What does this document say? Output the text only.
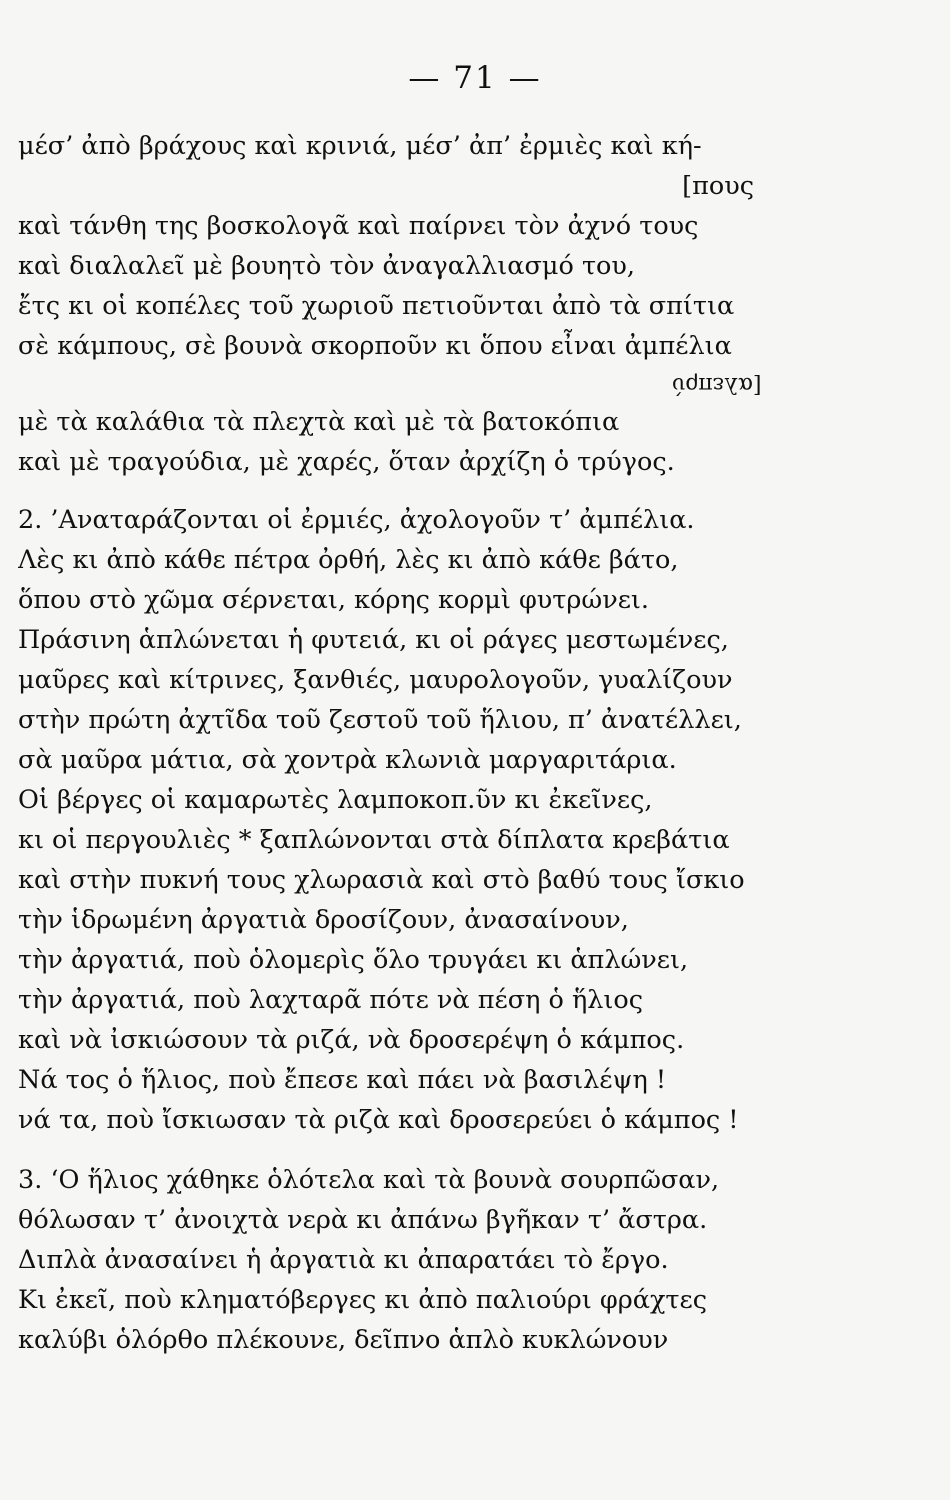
— 71 —
μέσ’ ἀπὸ βράχους καὶ κρινιά, μέσ’ ἀπ’ ἐρμιὲς καὶ κή-
[πους
καὶ τάνθη της βοσκολογᾶ καὶ παίρνει τὸν ἀχνό τους
καὶ διαλαλεῖ μὲ βουητὸ τὸν ἀναγαλλιασμό του,
ἔτς κι οἱ κοπέλες τοῦ χωριοῦ πετιοῦνται ἀπὸ τὰ σπίτια
σὲ κάμπους, σὲ βουνὰ σκορποῦν κι ὅπου εἶναι ἀμπέλια
[αλεπρύ
μὲ τὰ καλάθια τὰ πλεχτὰ καὶ μὲ τὰ βατοκόπια
καὶ μὲ τραγούδια, μὲ χαρές, ὅταν ἀρχίζη ὁ τρύγος.
2. ’Αναταράζονται οἱ ἐρμιές, ἀχολογοῦν τ’ ἀμπέλια.
Λὲς κι ἀπὸ κάθε πέτρα ὀρθή, λὲς κι ἀπὸ κάθε βάτο,
ὅπου στὸ χῶμα σέρνεται, κόρης κορμὶ φυτρώνει.
Πράσινη ἁπλώνεται ἡ φυτειά, κι οἱ ράγες μεστωμένες,
μαῦρες καὶ κίτρινες, ξανθιές, μαυρολογοῦν, γυαλίζουν
στὴν πρώτη ἀχτῖδα τοῦ ζεστοῦ τοῦ ἥλιου, π’ ἀνατέλλει,
σὰ μαῦρα μάτια, σὰ χοντρὰ κλωνιὰ μαργαριτάρια.
Οἱ βέργες οἱ καμαρωτὲς λαμποκοπ.ῦν κι ἐκεῖνες,
κι οἱ περγουλιὲς * ξαπλώνονται στὰ δίπλατα κρεβάτια
καὶ στὴν πυκνή τους χλωρασιὰ καὶ στὸ βαθύ τους ἴσκιο
τὴν ἱδρωμένη ἀργατιὰ δροσίζουν, ἀνασαίνουν,
τὴν ἀργατιά, ποὺ ὁλομερὶς ὅλο τρυγάει κι ἁπλώνει,
τὴν ἀργατιά, ποὺ λαχταρᾶ πότε νὰ πέση ὁ ἥλιος
καὶ νὰ ἰσκιώσουν τὰ ριζά, νὰ δροσερέψη ὁ κάμπος.
Νά τος ὁ ἥλιος, ποὺ ἔπεσε καὶ πάει νὰ βασιλέψη !
νά τα, ποὺ ἴσκιωσαν τὰ ριζὰ καὶ δροσερεύει ὁ κάμπος !
3. ‘Ο ἥλιος χάθηκε ὁλότελα καὶ τὰ βουνὰ σουρπῶσαν,
θόλωσαν τ’ ἀνοιχτὰ νερὰ κι ἀπάνω βγῆκαν τ’ ἄστρα.
Διπλὰ ἀνασαίνει ἡ ἀργατιὰ κι ἀπαρατάει τὸ ἔργο.
Κι ἐκεῖ, ποὺ κληματόβεργες κι ἀπὸ παλιούρι φράχτες
καλύβι ὁλόρθο πλέκουνε, δεῖπνο ἁπλὸ κυκλώνουν
